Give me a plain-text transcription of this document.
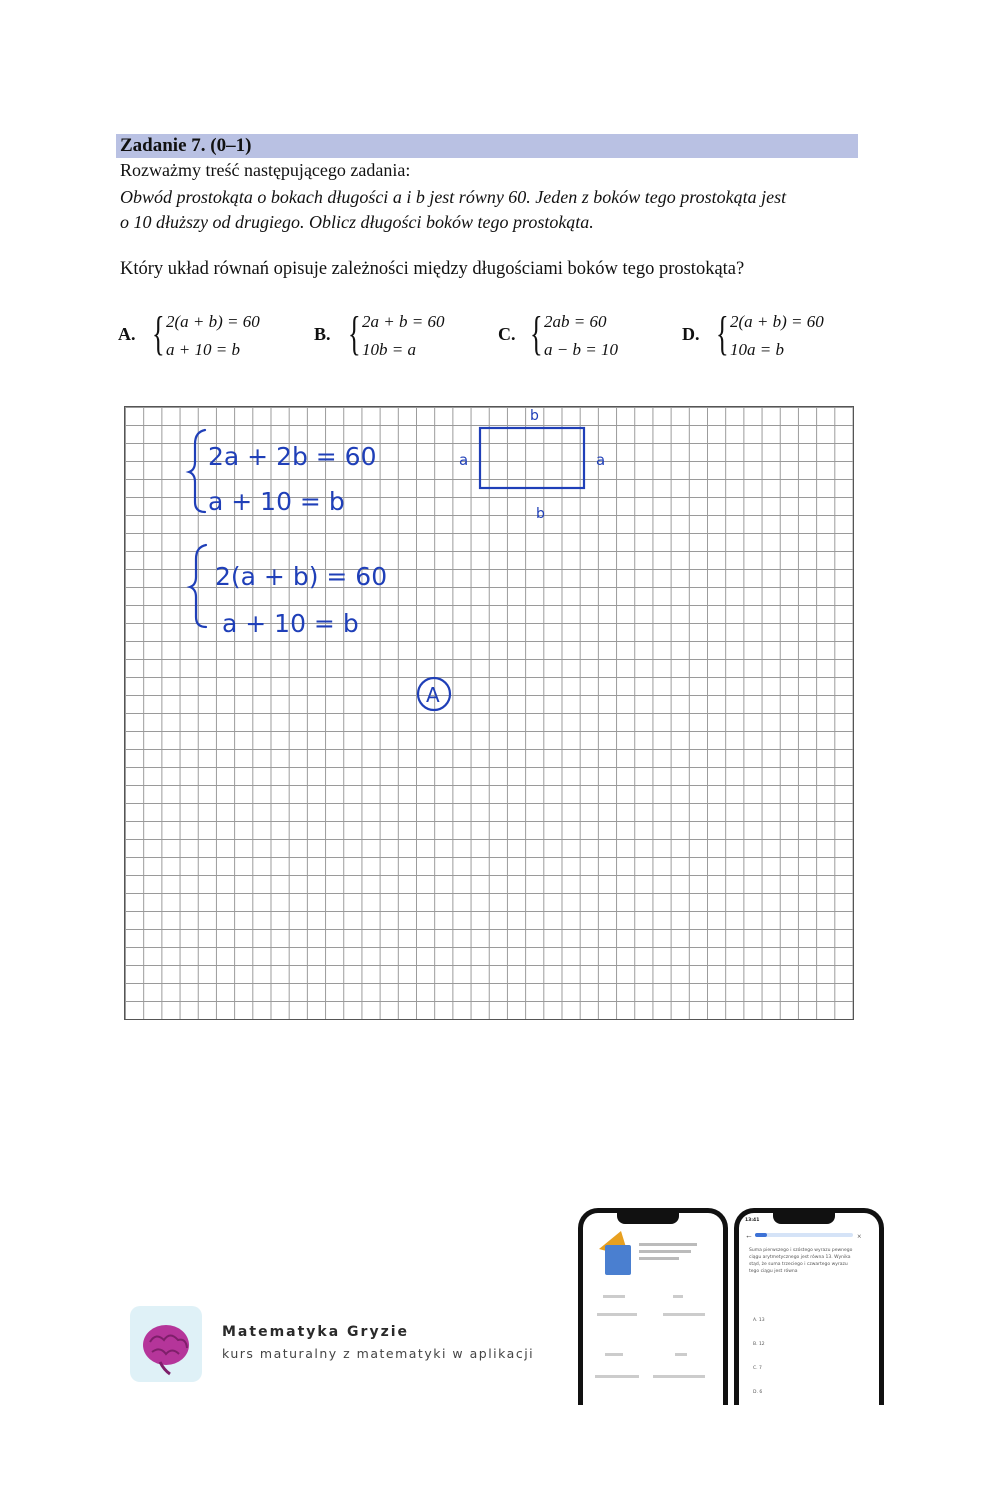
Zadanie 7. (0–1)
Rozważmy treść następującego zadania:
Obwód prostokąta o bokach długości a i b jest równy 60. Jeden z boków tego prostokąta jest
o 10 dłuższy od drugiego. Oblicz długości boków tego prostokąta.
Który układ równań opisuje zależności między długościami boków tego prostokąta?
A. { 2(a + b) = 60
a + 10 = b
B. { 2a + b = 60
10b = a
C. { 2ab = 60
a − b = 10
D. { 2(a + b) = 60
10a = b
2a + 2b = 60
a + 10 = b
2(a + b) = 60
a + 10 = b
b
b
a	a
A
Matematyka Gryzie
kurs maturalny z matematyki w aplikacji
13:41
←	×
Suma pierwszego i szóstego wyrazu pewnego ciągu arytmetycznego jest równa 13. Wynika stąd, że suma trzeciego i czwartego wyrazu tego ciągu jest równa
A. 13
B. 12
C. 7
D. 6
